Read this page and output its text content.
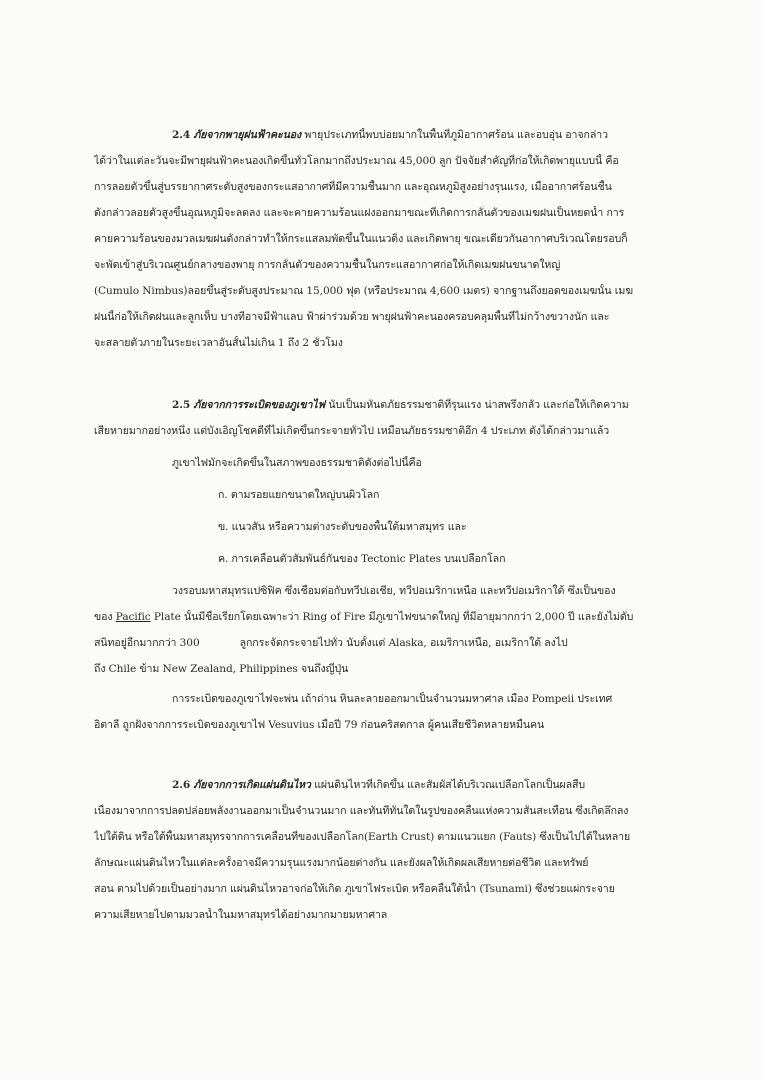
2.4 ภัยจากพายุฝนฟ้าคะนอง พายุประเภทนี้พบบ่อยมากในพื้นที่ภูมิอากาศร้อน และอบอุ่น อาจกล่าว
ได้ว่าในแต่ละวันจะมีพายุฝนฟ้าคะนองเกิดขึ้นทั่วโลกมากถึงประมาณ 45,000 ลูก ปัจจัยสำคัญที่ก่อให้เกิดพายุแบบนี้ คือ
การลอยตัวขึ้นสู่บรรยากาศระดับสูงของกระแสอากาศที่มีความชื้นมาก และอุณหภูมิสูงอย่างรุนแรง, เมื่ออากาศร้อนชื้น
ดังกล่าวลอยตัวสูงขึ้นอุณหภูมิจะลดลง และจะคายความร้อนแฝงออกมาขณะที่เกิดการกลั่นตัวของเมฆฝนเป็นหยดน้ำ การ
คายความร้อนของมวลเมฆฝนดังกล่าวทำให้กระแสลมพัดขึ้นในแนวดิ่ง และเกิดพายุ ขณะเดียวกันอากาศบริเวณโดยรอบก็
จะพัดเข้าสู่บริเวณศูนย์กลางของพายุ การกลั่นตัวของความชื้นในกระแสอากาศก่อให้เกิดเมฆฝนขนาดใหญ่
(Cumulo Nimbus)ลอยขึ้นสู่ระดับสูงประมาณ 15,000 ฟุต (หรือประมาณ 4,600 เมตร) จากฐานถึงยอดของเมฆนั้น เมฆ
ฝนนี้ก่อให้เกิดฝนและลูกเห็บ บางทีอาจมีฟ้าแลบ ฟ้าผ่าร่วมด้วย พายุฝนฟ้าคะนองครอบคลุมพื้นที่ไม่กว้างขวางนัก และ
จะสลายตัวภายในระยะเวลาอันสั้นไม่เกิน 1 ถึง 2 ชั่วโมง
2.5 ภัยจากการระเบิดของภูเขาไฟ นับเป็นมหันตภัยธรรมชาติที่รุนแรง น่าสพรึงกลัว และก่อให้เกิดความ
เสียหายมากอย่างหนึ่ง แต่บังเอิญโชคดีที่ไม่เกิดขึ้นกระจายทั่วไป เหมือนภัยธรรมชาติอีก 4 ประเภท ดังได้กล่าวมาแล้ว
ภูเขาไฟมักจะเกิดขึ้นในสภาพของธรรมชาติดังต่อไปนี้คือ
ก. ตามรอยแยกขนาดใหญ่บนผิวโลก
ข. แนวสัน หรือความต่างระดับของพื้นใต้มหาสมุทร และ
ค. การเคลื่อนตัวสัมพันธ์กันของ Tectonic Plates บนเปลือกโลก
วงรอบมหาสมุทรแปซิฟิค ซึ่งเชื่อมต่อกับทวีปเอเชีย, ทวีปอเมริกาเหนือ และทวีปอเมริกาใต้ ซึ่งเป็นของ
ของ Pacific Plate นั้นมีชื่อเรียกโดยเฉพาะว่า Ring of Fire มีภูเขาไฟขนาดใหญ่ ที่มีอายุมากกว่า 2,000 ปี และยังไม่ดับ
สนิทอยู่อีกมากกว่า 300	ลูกกระจัดกระจายไปทั่ว นับตั้งแต่ Alaska, อเมริกาเหนือ, อเมริกาใต้ ลงไป
ถึง Chile ข้าม New Zealand, Philippines จนถึงญี่ปุ่น
การระเบิดของภูเขาไฟจะพ่น เถ้าถ่าน หินละลายออกมาเป็นจำนวนมหาศาล เมือง Pompeii ประเทศ
อิตาลี ถูกฝังจากการระเบิดของภูเขาไฟ Vesuvius เมื่อปี 79 ก่อนคริสตกาล ผู้คนเสียชีวิตหลายหมื่นคน
2.6 ภัยจากการเกิดแผ่นดินไหว แผ่นดินไหวที่เกิดขึ้น และสัมผัสได้บริเวณเปลือกโลกเป็นผลสืบ
เนื่องมาจากการปลดปล่อยพลังงานออกมาเป็นจำนวนมาก และทันทีทันใดในรูปของคลื่นแห่งความสั่นสะเทือน ซึ่งเกิดลึกลง
ไปใต้ดิน หรือใต้พื้นมหาสมุทรจากการเคลื่อนที่ของเปลือกโลก(Earth Crust) ตามแนวแยก (Fauts) ซึ่งเป็นไปได้ในหลาย
ลักษณะแผ่นดินไหวในแต่ละครั้งอาจมีความรุนแรงมากน้อยต่างกัน และยังผลให้เกิดผลเสียหายต่อชีวิต และทรัพย์
สอน ตามไปด้วยเป็นอย่างมาก แผ่นดินไหวอาจก่อให้เกิด ภูเขาไฟระเบิด หรือคลื่นใต้น้ำ (Tsunami) ซึ่งช่วยแผ่กระจาย
ความเสียหายไปตามมวลน้ำในมหาสมุทรได้อย่างมากมายมหาศาล
